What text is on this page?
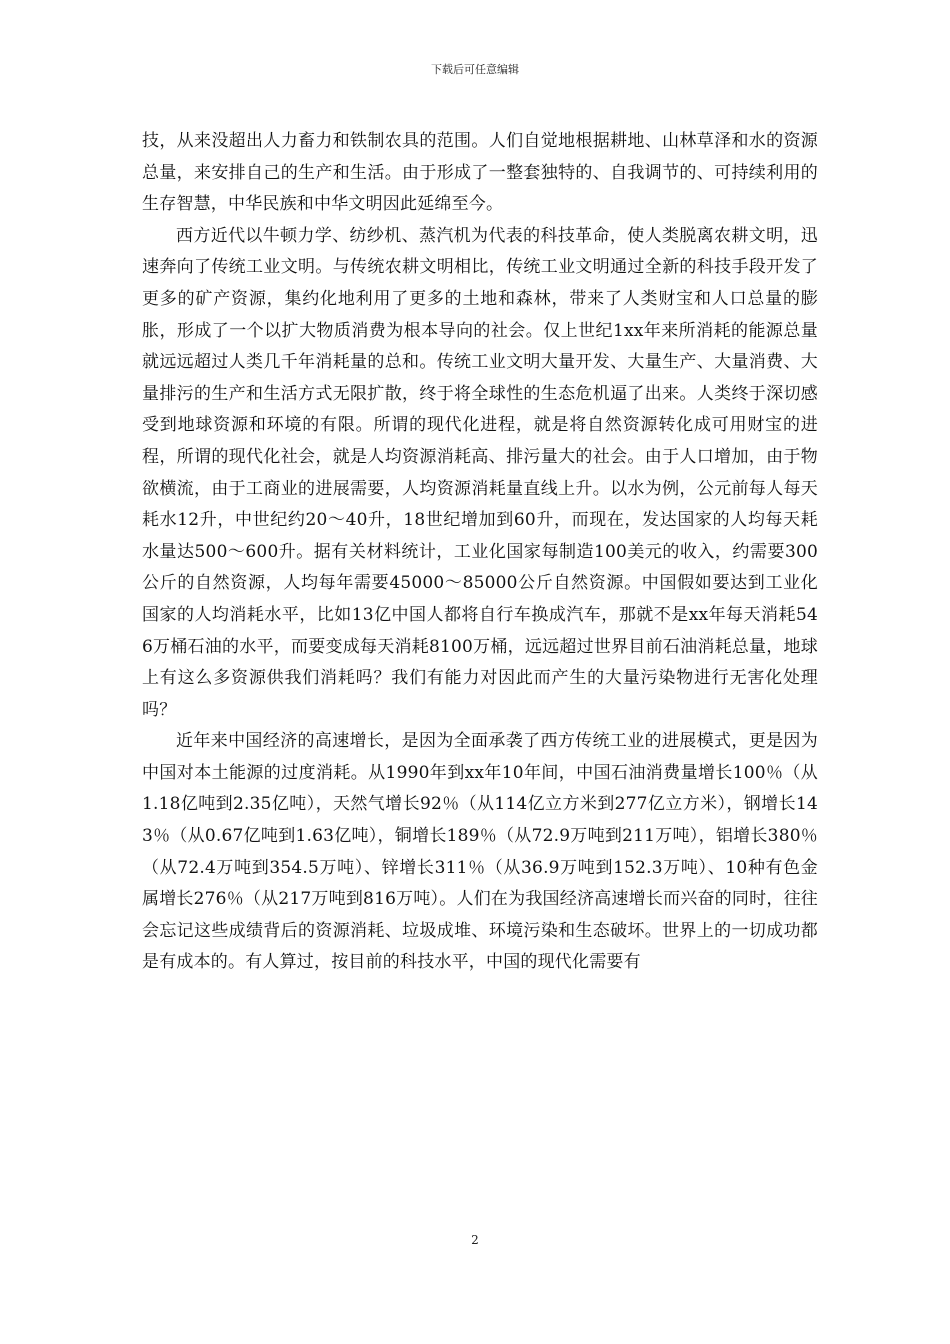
下载后可任意编辑

技，从来没超出人力畜力和铁制农具的范围。人们自觉地根据耕地、山林草泽和水的资源总量，来安排自己的生产和生活。由于形成了一整套独特的、自我调节的、可持续利用的生存智慧，中华民族和中华文明因此延绵至今。

西方近代以牛顿力学、纺纱机、蒸汽机为代表的科技革命，使人类脱离农耕文明，迅速奔向了传统工业文明。与传统农耕文明相比，传统工业文明通过全新的科技手段开发了更多的矿产资源，集约化地利用了更多的土地和森林，带来了人类财宝和人口总量的膨胀，形成了一个以扩大物质消费为根本导向的社会。仅上世纪1xx年来所消耗的能源总量就远远超过人类几千年消耗量的总和。传统工业文明大量开发、大量生产、大量消费、大量排污的生产和生活方式无限扩散，终于将全球性的生态危机逼了出来。人类终于深切感受到地球资源和环境的有限。所谓的现代化进程，就是将自然资源转化成可用财宝的进程，所谓的现代化社会，就是人均资源消耗高、排污量大的社会。由于人口增加，由于物欲横流，由于工商业的进展需要，人均资源消耗量直线上升。以水为例，公元前每人每天耗水12升，中世纪约20～40升，18世纪增加到60升，而现在，发达国家的人均每天耗水量达500～600升。据有关材料统计，工业化国家每制造100美元的收入，约需要300公斤的自然资源，人均每年需要45000～85000公斤自然资源。中国假如要达到工业化国家的人均消耗水平，比如13亿中国人都将自行车换成汽车，那就不是xx年每天消耗546万桶石油的水平，而要变成每天消耗8100万桶，远远超过世界目前石油消耗总量，地球上有这么多资源供我们消耗吗？我们有能力对因此而产生的大量污染物进行无害化处理吗？

近年来中国经济的高速增长，是因为全面承袭了西方传统工业的进展模式，更是因为中国对本土能源的过度消耗。从1990年到xx年10年间，中国石油消费量增长100％（从1.18亿吨到2.35亿吨），天然气增长92％（从114亿立方米到277亿立方米），钢增长143％（从0.67亿吨到1.63亿吨），铜增长189％（从72.9万吨到211万吨），铝增长380％（从72.4万吨到354.5万吨）、锌增长311％（从36.9万吨到152.3万吨）、10种有色金属增长276％（从217万吨到816万吨）。人们在为我国经济高速增长而兴奋的同时，往往会忘记这些成绩背后的资源消耗、垃圾成堆、环境污染和生态破坏。世界上的一切成功都是有成本的。有人算过，按目前的科技水平，中国的现代化需要有

2
